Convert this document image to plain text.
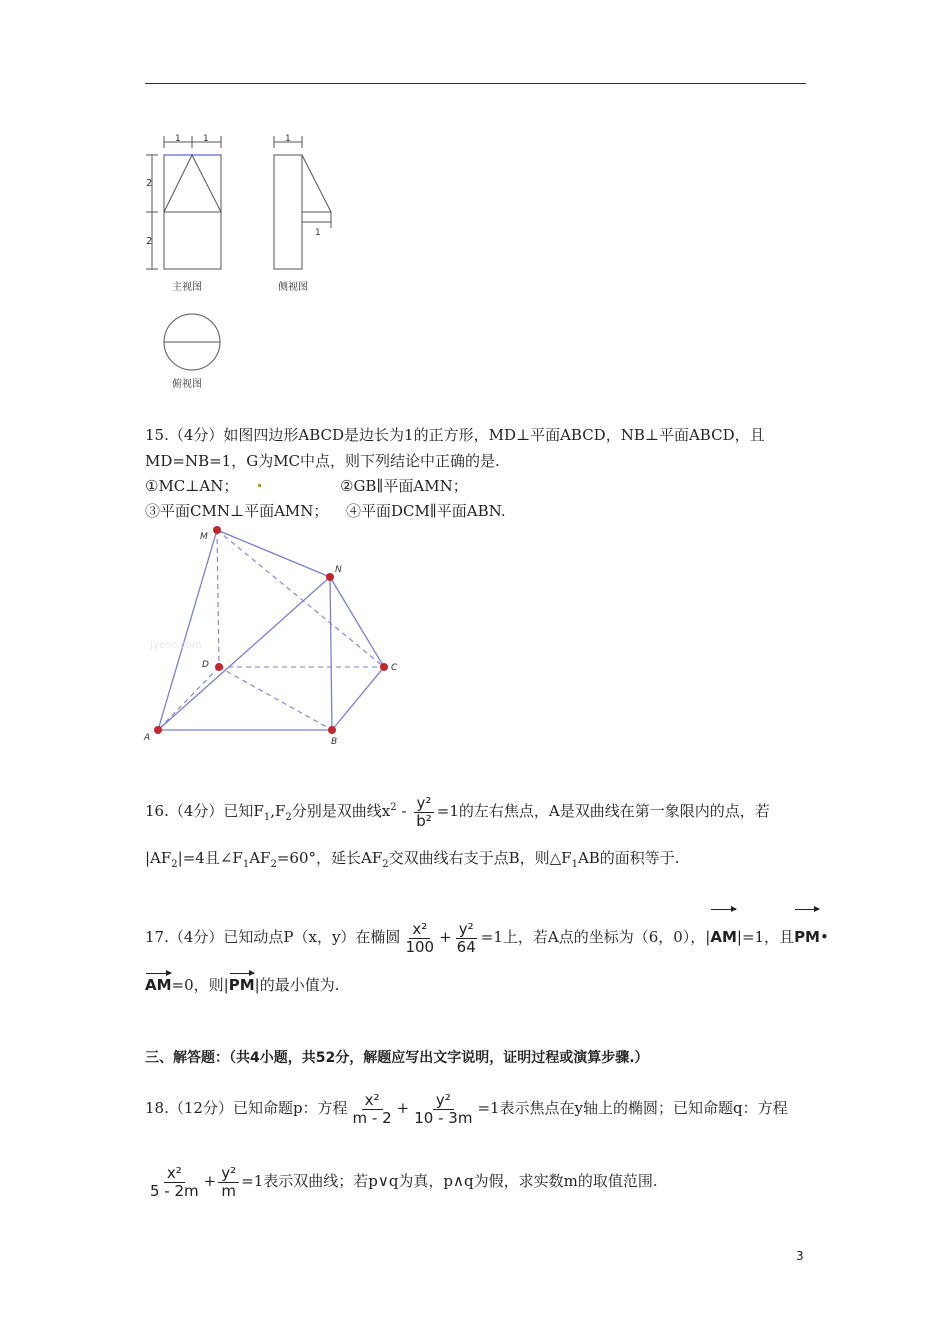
1 1
2
2
1
1
主视图	侧视图
俯视图
15.（4分）如图四边形ABCD是边长为1的正方形，MD⊥平面ABCD，NB⊥平面ABCD，且
MD=NB=1，G为MC中点，则下列结论中正确的是.
①MC⊥AN；	②GB∥平面AMN；
③平面CMN⊥平面AMN； ④平面DCM∥平面ABN.
Jyeoo.com
M
N
D	C
A	B
16.（4分）已知$F_1,F_2$分别是双曲线$x^2 - \frac{\text{y²}}{\text{b²}} =1$的左右焦点，A是双曲线在第一象限内的点，若
$|AF_2|=4$且$\angle F_1AF_2=60^\circ$，延长$AF_2$交双曲线右支于点B，则$\triangle F_1AB$的面积等于.
17.（4分）已知动点P（x，y）在椭圆 $\frac{\text{x²}}{100} + \frac{\text{y²}}{64} =1$上，若A点的坐标为（6，0），|AM|=1，且PM•
AM=0，则|PM|的最小值为.
三、解答题：（共4小题，共52分，解题应写出文字说明，证明过程或演算步骤.）
18.（12分）已知命题p：方程 $\frac{\text{x²}}{m - 2} + \frac{\text{y²}}{10 - 3m} =1$表示焦点在y轴上的椭圆；已知命题q：方程
$\frac{\text{x²}}{5 - 2m} + \frac{\text{y²}}{m} =1$表示双曲线；若p∨q为真，p∧q为假，求实数m的取值范围.
3
